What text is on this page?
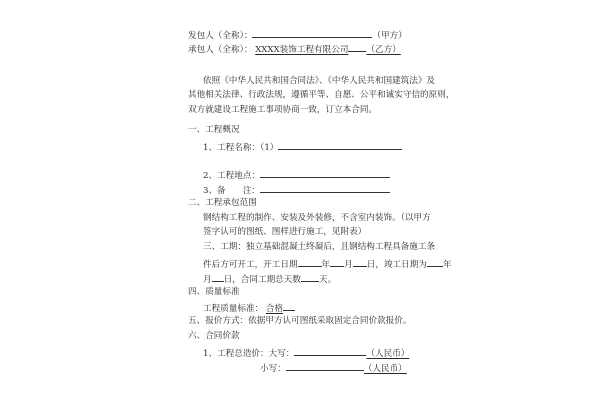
发包人（全称）：	（甲方）
承包人（全称）： XXXX装饰工程有限公司 （乙方）
依照《中华人民共和国合同法》、《中华人民共和国建筑法》及
其他相关法律、行政法规，遵循平等、自愿、公平和诚实守信的原则，
双方就建设工程施工事项协商一致，订立本合同。
一、工程概况
1、工程名称：（1）
2、工程地点：
3、备　　注：
二、工程承包范围
钢结构工程的制作、安装及外装修，不含室内装饰。（以甲方
签字认可的图纸、图样进行施工，见附表）
三、工期：独立基础混凝土终凝后，且钢结构工程具备施工条
件后方可开工，开工日期	年 月 日，竣工日期为 年
月 日，合同工期总天数 天。
四、质量标准
工程质量标准： 合格
五、报价方式：依据甲方认可图纸采取固定合同价款报价。
六、合同价款
1、工程总造价：大写：	（人民币）
小写：	（人民币）
